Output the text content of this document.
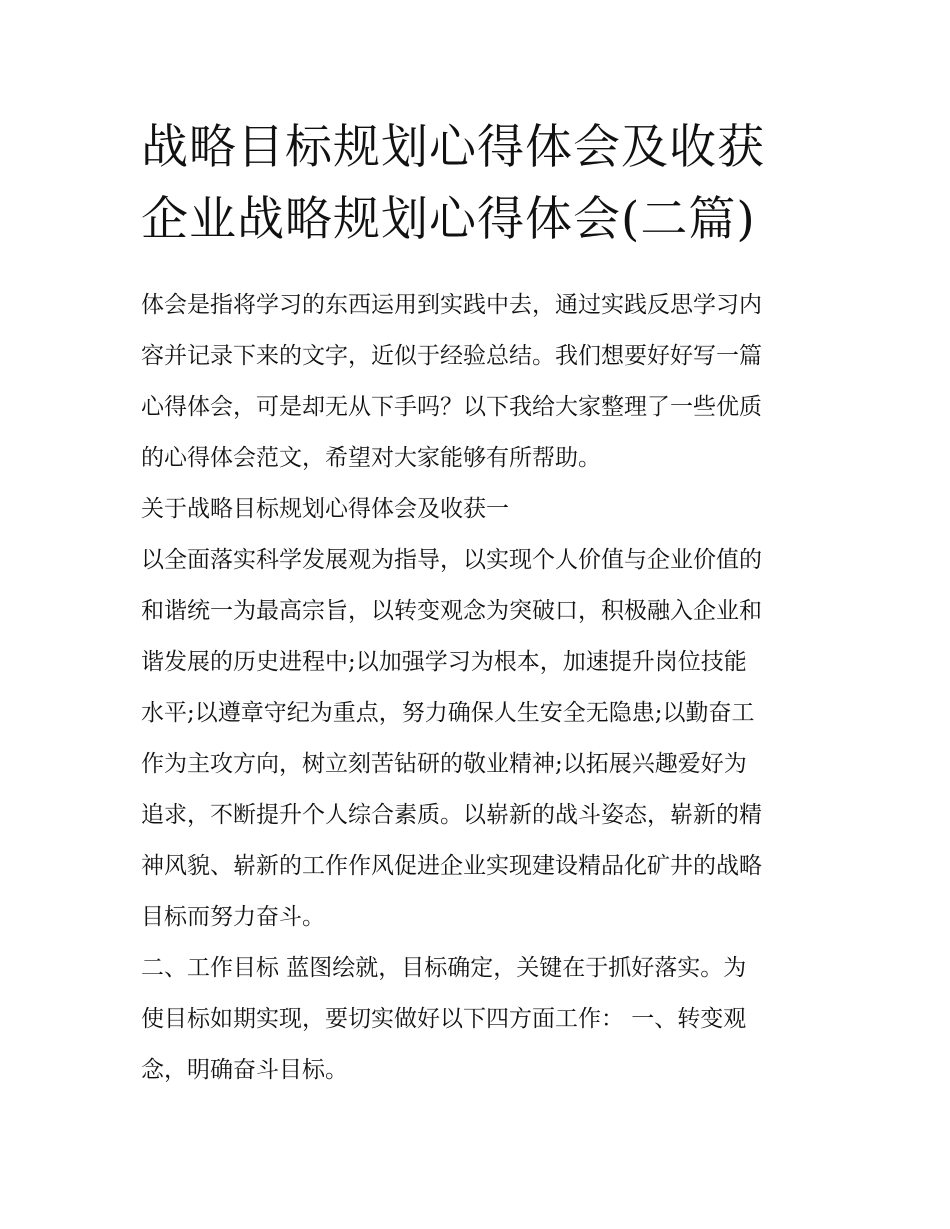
战略目标规划心得体会及收获
企业战略规划心得体会(二篇)

体会是指将学习的东西运用到实践中去，通过实践反思学习内

容并记录下来的文字，近似于经验总结。我们想要好好写一篇

心得体会，可是却无从下手吗？以下我给大家整理了一些优质

的心得体会范文，希望对大家能够有所帮助。

关于战略目标规划心得体会及收获一

以全面落实科学发展观为指导，以实现个人价值与企业价值的

和谐统一为最高宗旨，以转变观念为突破口，积极融入企业和

谐发展的历史进程中;以加强学习为根本，加速提升岗位技能

水平;以遵章守纪为重点，努力确保人生安全无隐患;以勤奋工

作为主攻方向，树立刻苦钻研的敬业精神;以拓展兴趣爱好为

追求，不断提升个人综合素质。以崭新的战斗姿态，崭新的精

神风貌、崭新的工作作风促进企业实现建设精品化矿井的战略

目标而努力奋斗。

二、工作目标 蓝图绘就，目标确定，关键在于抓好落实。为

使目标如期实现，要切实做好以下四方面工作： 一、转变观

念，明确奋斗目标。
